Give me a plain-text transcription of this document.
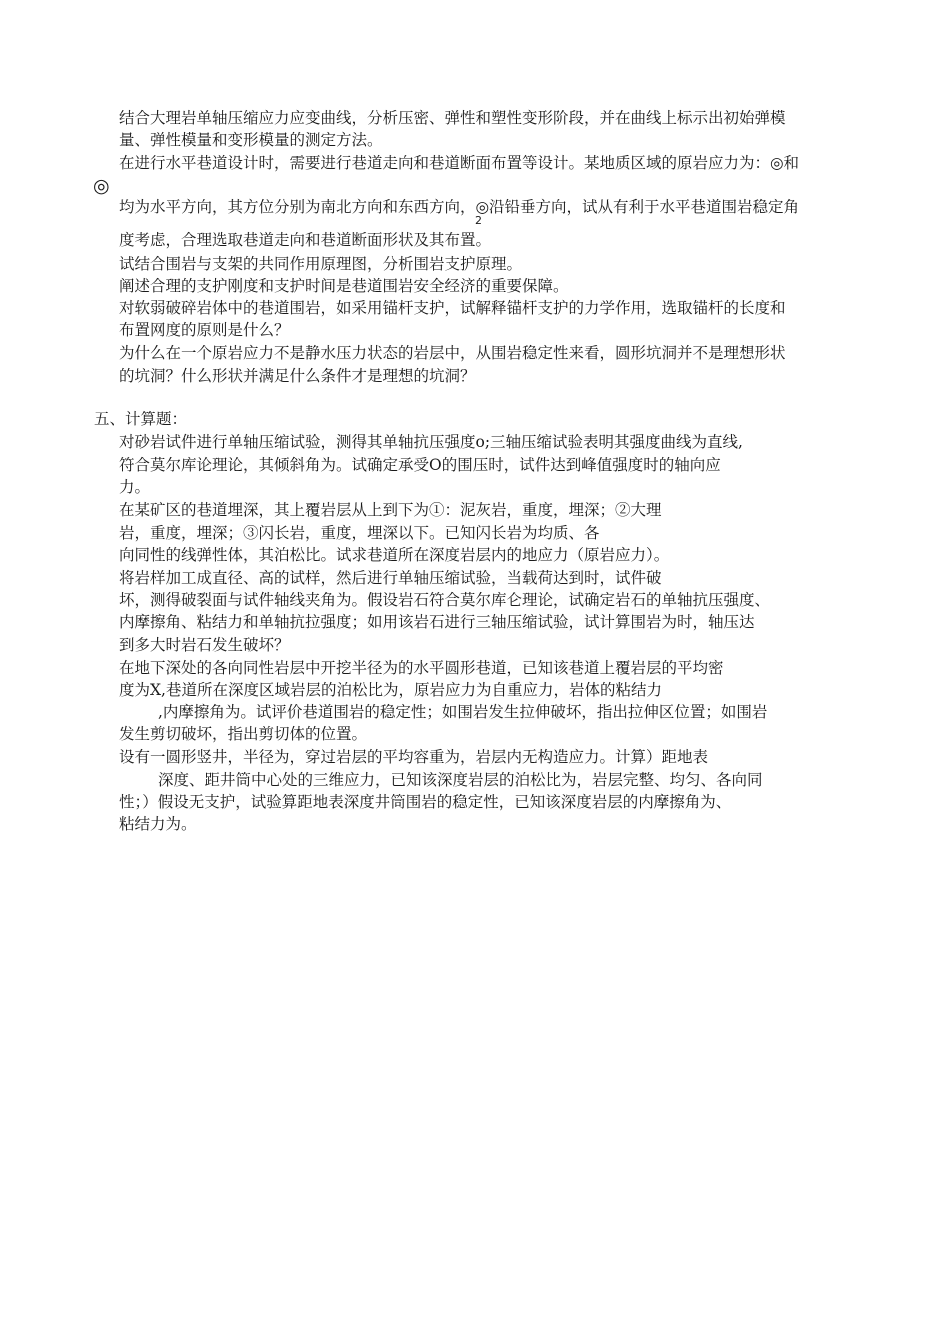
结合大理岩单轴压缩应力应变曲线，分析压密、弹性和塑性变形阶段，并在曲线上标示出初始弹模
量、弹性模量和变形模量的测定方法。
在进行水平巷道设计时，需要进行巷道走向和巷道断面布置等设计。某地质区域的原岩应力为：◎和
◎
均为水平方向，其方位分别为南北方向和东西方向，◎沿铅垂方向，试从有利于水平巷道围岩稳定角
2
度考虑，合理选取巷道走向和巷道断面形状及其布置。
试结合围岩与支架的共同作用原理图，分析围岩支护原理。
阐述合理的支护刚度和支护时间是巷道围岩安全经济的重要保障。
对软弱破碎岩体中的巷道围岩，如采用锚杆支护，试解释锚杆支护的力学作用，选取锚杆的长度和
布置网度的原则是什么？
为什么在一个原岩应力不是静水压力状态的岩层中，从围岩稳定性来看，圆形坑洞并不是理想形状
的坑洞？什么形状并满足什么条件才是理想的坑洞？
五、计算题：
对砂岩试件进行单轴压缩试验，测得其单轴抗压强度ο;三轴压缩试验表明其强度曲线为直线,
符合莫尔库论理论，其倾斜角为。试确定承受Ο的围压时，试件达到峰值强度时的轴向应
力。
在某矿区的巷道埋深，其上覆岩层从上到下为①：泥灰岩，重度，埋深；②大理
岩，重度，埋深；③闪长岩，重度，埋深以下。已知闪长岩为均质、各
向同性的线弹性体，其泊松比。试求巷道所在深度岩层内的地应力（原岩应力）。
将岩样加工成直径、高的试样，然后进行单轴压缩试验，当载荷达到时，试件破
坏，测得破裂面与试件轴线夹角为。假设岩石符合莫尔库仑理论，试确定岩石的单轴抗压强度、
内摩擦角、粘结力和单轴抗拉强度；如用该岩石进行三轴压缩试验，试计算围岩为时，轴压达
到多大时岩石发生破坏？
在地下深处的各向同性岩层中开挖半径为的水平圆形巷道，已知该巷道上覆岩层的平均密
度为X,巷道所在深度区域岩层的泊松比为，原岩应力为自重应力，岩体的粘结力
,内摩擦角为。试评价巷道围岩的稳定性；如围岩发生拉伸破坏，指出拉伸区位置；如围岩
发生剪切破坏，指出剪切体的位置。
设有一圆形竖井，半径为，穿过岩层的平均容重为，岩层内无构造应力。计算）距地表
深度、距井筒中心处的三维应力，已知该深度岩层的泊松比为，岩层完整、均匀、各向同
性；）假设无支护，试验算距地表深度井筒围岩的稳定性，已知该深度岩层的内摩擦角为、
粘结力为。
